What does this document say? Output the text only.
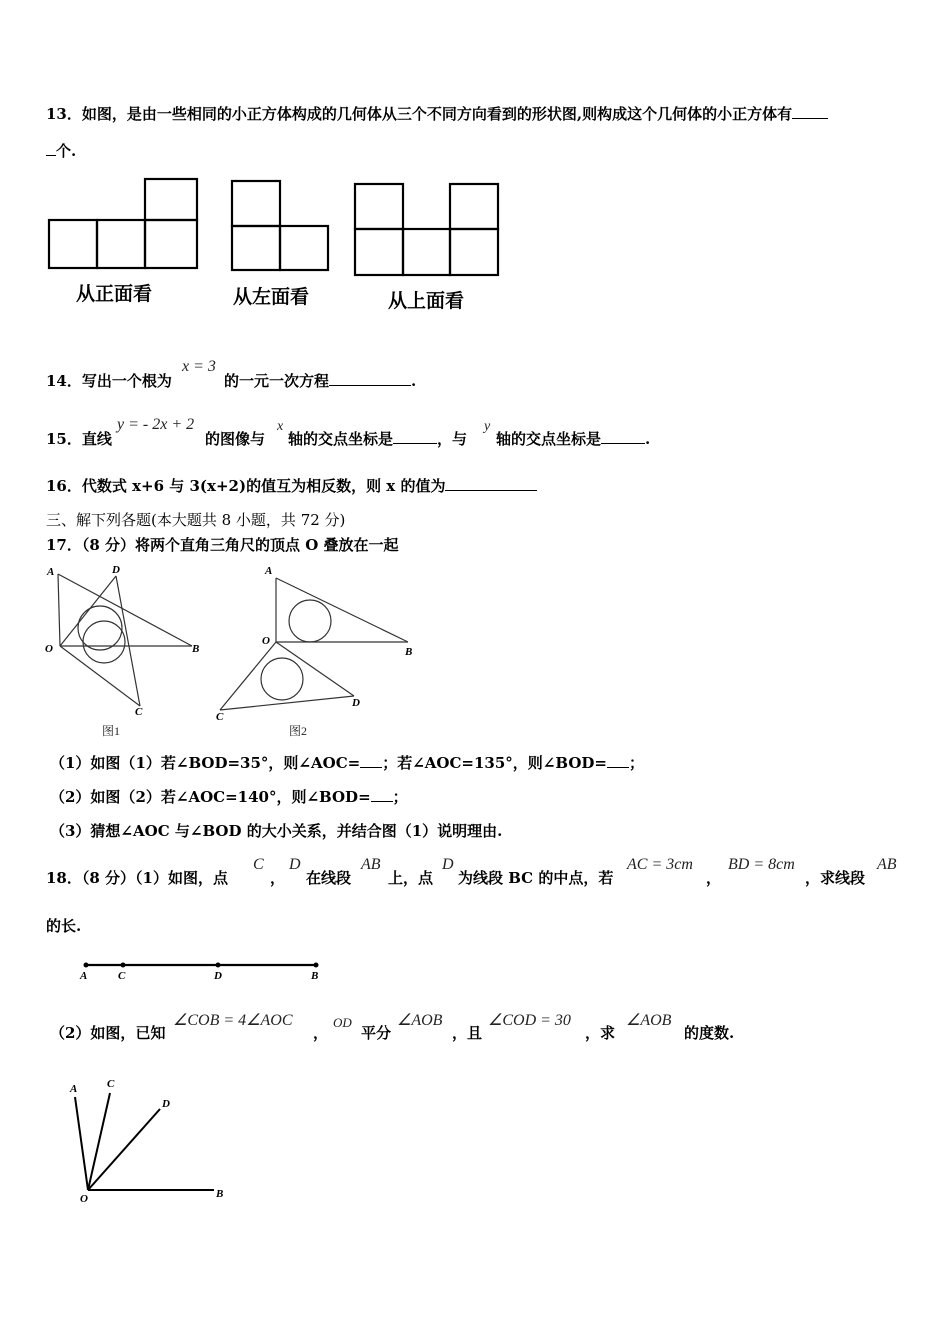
13．如图，是由一些相同的小正方体构成的几何体从三个不同方向看到的形状图,则构成这个几何体的小正方体有
个.
从正面看	从左面看	从上面看
14．写出一个根为
x = 3
的一元一次方程	.
15．直线
y = - 2x + 2
的图像与
x
轴的交点坐标是	，与
y
轴的交点坐标是	.
16．代数式 x+6 与 3(x+2)的值互为相反数，则 x 的值为
三、解下列各题(本大题共 8 小题，共 72 分)
17．（8 分）将两个直角三角尺的顶点 O 叠放在一起
A	D
O	B
C
图1
A
O
B
C
D
图2
（1）如图（1）若∠BOD=35°，则∠AOC= ；若∠AOC=135°，则∠BOD= ；
（2）如图（2）若∠AOC=140°，则∠BOD= ；
（3）猜想∠AOC 与∠BOD 的大小关系，并结合图（1）说明理由.
18．（8 分）（1）如图，点
C
，
D
在线段
AB
上，点
D
为线段 BC 的中点，若
AC = 3cm
，
BD = 8cm
，求线段
AB
的长.
A	C	D	B
（2）如图，已知
∠COB = 4∠AOC
，
OD
平分
∠AOB
，且
∠COD = 30
，求
∠AOB
的度数.
A	C
D
O	B
